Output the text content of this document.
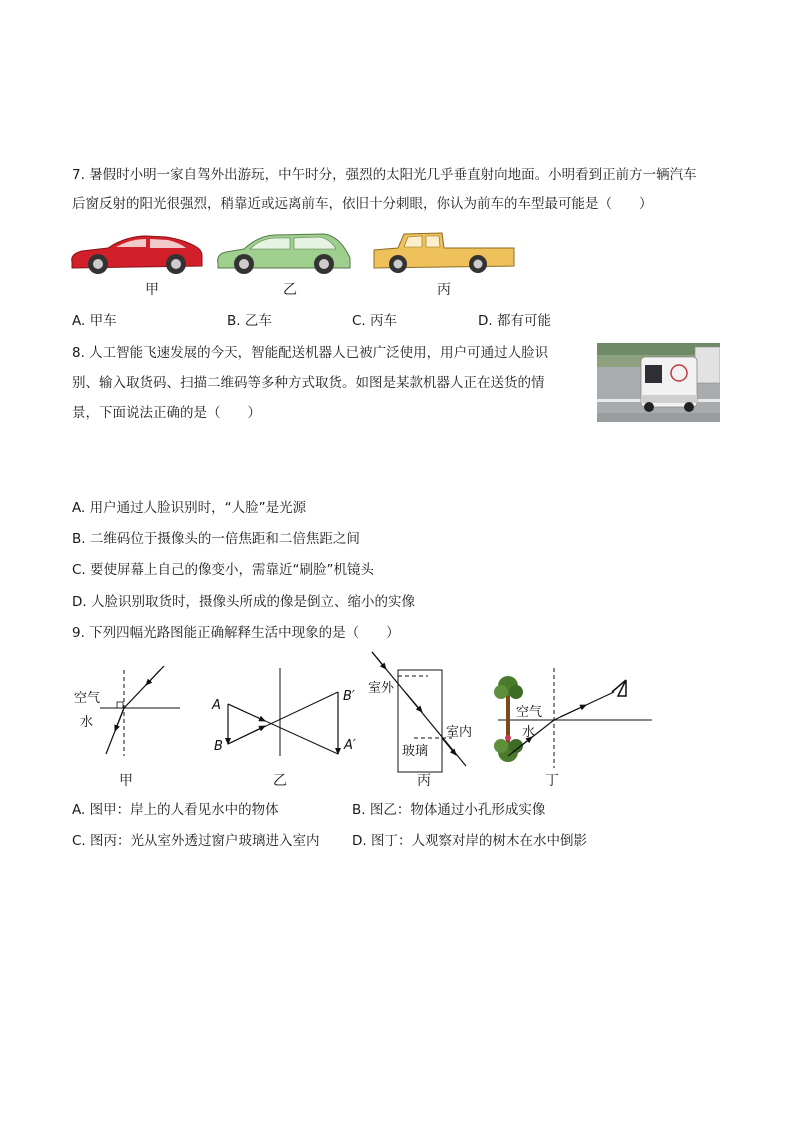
7. 暑假时小明一家自驾外出游玩，中午时分，强烈的太阳光几乎垂直射向地面。小明看到正前方一辆汽车
后窗反射的阳光很强烈，稍靠近或远离前车，依旧十分刺眼，你认为前车的车型最可能是（　　）
甲	乙	丙
A. 甲车	B. 乙车	C. 丙车	D. 都有可能
8. 人工智能飞速发展的今天，智能配送机器人已被广泛使用，用户可通过人脸识
别、输入取货码、扫描二维码等多种方式取货。如图是某款机器人正在送货的情
景，下面说法正确的是（　　）
A. 用户通过人脸识别时，“人脸”是光源
B. 二维码位于摄像头的一倍焦距和二倍焦距之间
C. 要使屏幕上自己的像变小，需靠近“刷脸”机镜头
D. 人脸识别取货时，摄像头所成的像是倒立、缩小的实像
9. 下列四幅光路图能正确解释生活中现象的是（　　）
空气
水
A
B
B′
A′
室外
室内
玻璃
空气
水
甲	乙	丙	丁
A. 图甲：岸上的人看见水中的物体	B. 图乙：物体通过小孔形成实像
C. 图丙：光从室外透过窗户玻璃进入室内 D. 图丁：人观察对岸的树木在水中倒影
